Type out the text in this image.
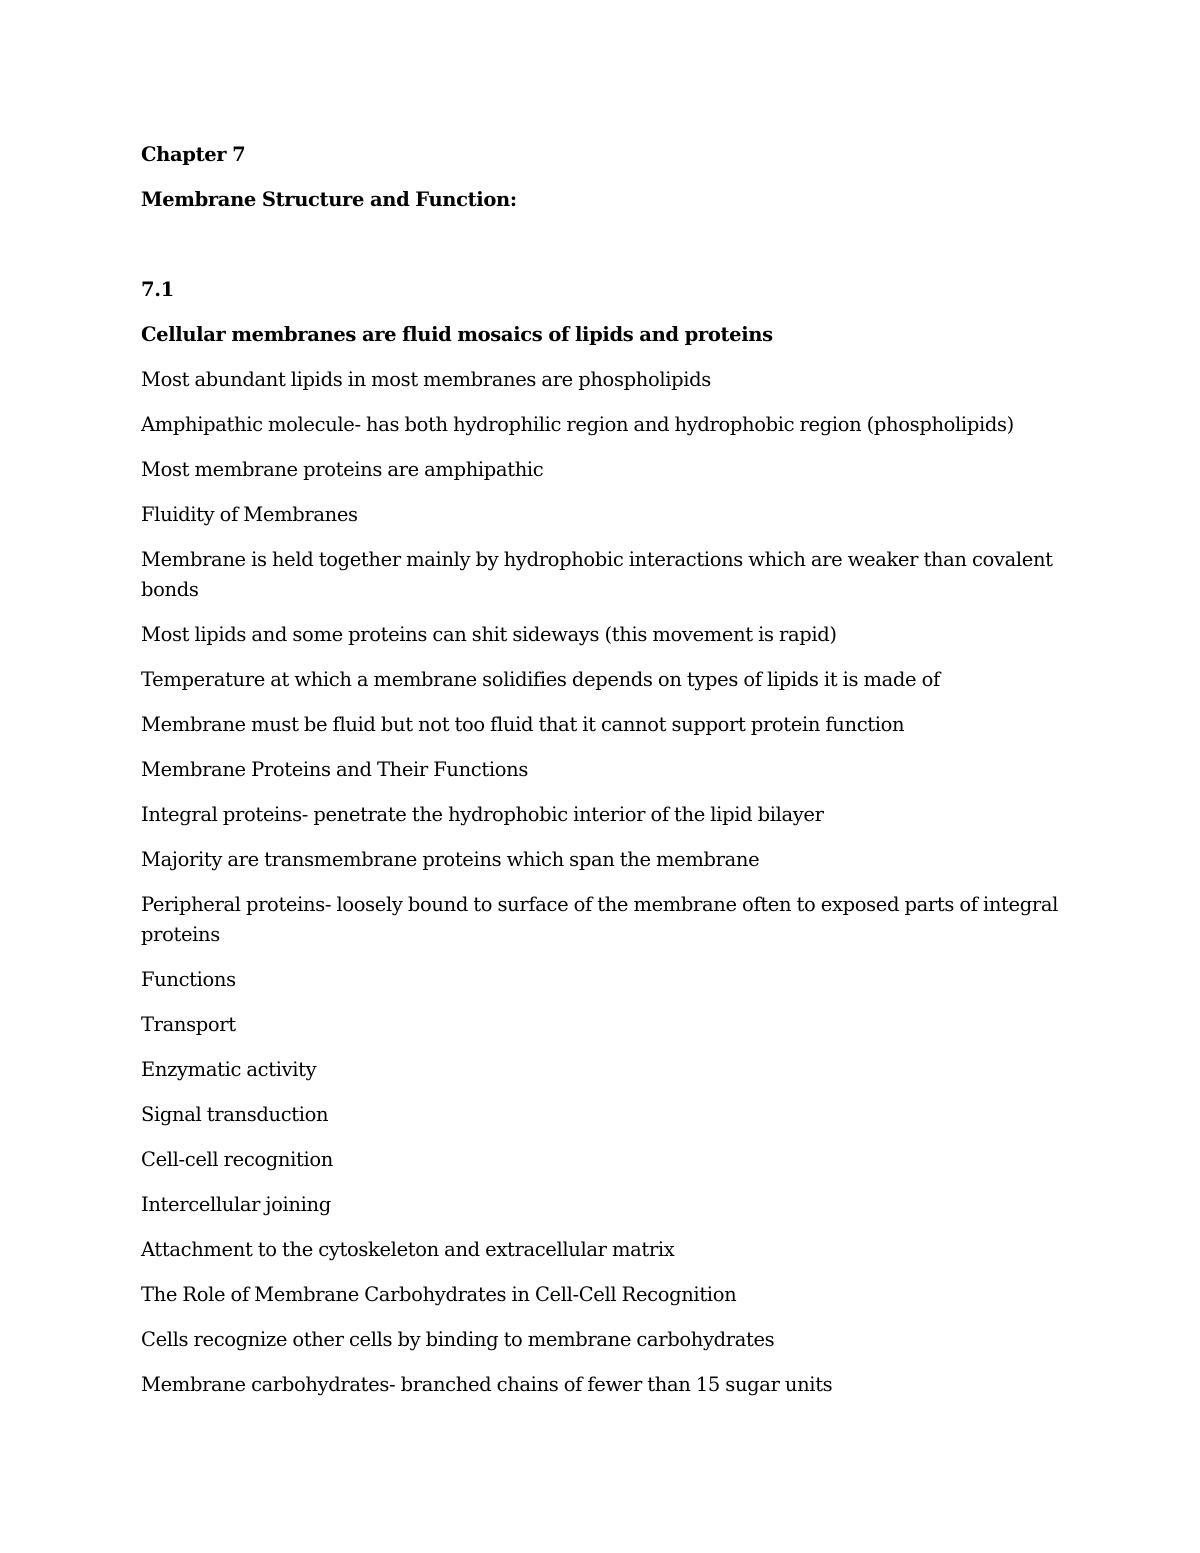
Chapter 7

Membrane Structure and Function:

7.1

Cellular membranes are fluid mosaics of lipids and proteins

Most abundant lipids in most membranes are phospholipids

Amphipathic molecule- has both hydrophilic region and hydrophobic region (phospholipids)

Most membrane proteins are amphipathic

Fluidity of Membranes

Membrane is held together mainly by hydrophobic interactions which are weaker than covalent bonds

Most lipids and some proteins can shit sideways (this movement is rapid)

Temperature at which a membrane solidifies depends on types of lipids it is made of

Membrane must be fluid but not too fluid that it cannot support protein function

Membrane Proteins and Their Functions

Integral proteins- penetrate the hydrophobic interior of the lipid bilayer

Majority are transmembrane proteins which span the membrane

Peripheral proteins- loosely bound to surface of the membrane often to exposed parts of integral proteins

Functions

Transport

Enzymatic activity

Signal transduction

Cell-cell recognition

Intercellular joining

Attachment to the cytoskeleton and extracellular matrix

The Role of Membrane Carbohydrates in Cell-Cell Recognition

Cells recognize other cells by binding to membrane carbohydrates

Membrane carbohydrates- branched chains of fewer than 15 sugar units
